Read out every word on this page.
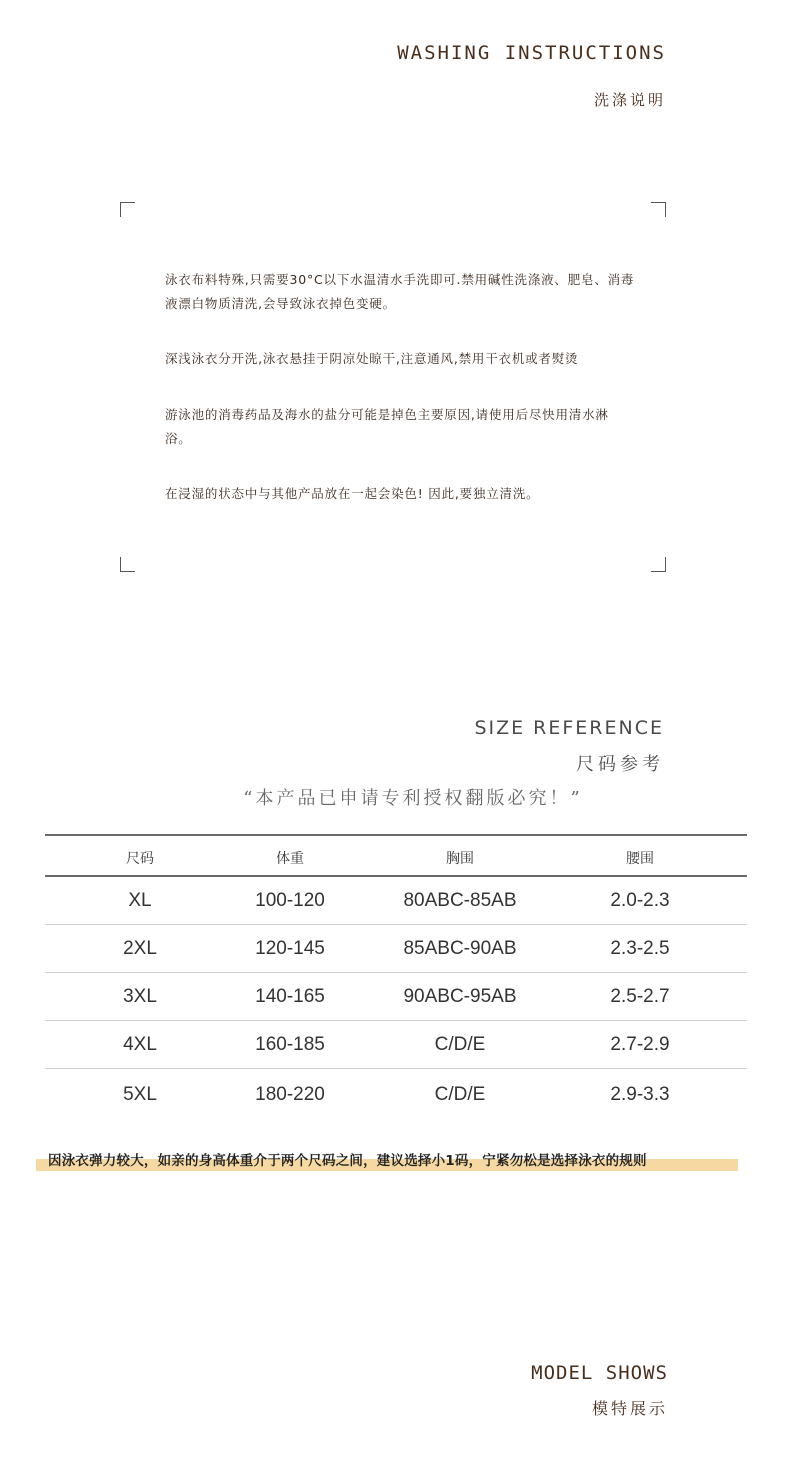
WASHING INSTRUCTIONS
洗涤说明
泳衣布料特殊,只需要30°C以下水温清水手洗即可.禁用碱性洗涤液、肥皂、消毒液漂白物质清洗,会导致泳衣掉色变硬。
深浅泳衣分开洗,泳衣悬挂于阴凉处晾干,注意通风,禁用干衣机或者熨烫
游泳池的消毒药品及海水的盐分可能是掉色主要原因,请使用后尽快用清水淋浴。
在浸湿的状态中与其他产品放在一起会染色! 因此,要独立清洗。
SIZE REFERENCE
尺码参考
“本产品已申请专利授权翻版必究！”
尺码	体重	胸围	腰围
XL	100-120	80ABC-85AB	2.0-2.3
2XL	120-145	85ABC-90AB	2.3-2.5
3XL	140-165	90ABC-95AB	2.5-2.7
4XL	160-185	C/D/E	2.7-2.9
5XL	180-220	C/D/E	2.9-3.3
因泳衣弹力较大，如亲的身高体重介于两个尺码之间，建议选择小1码，宁紧勿松是选择泳衣的规则
MODEL SHOWS
模特展示
